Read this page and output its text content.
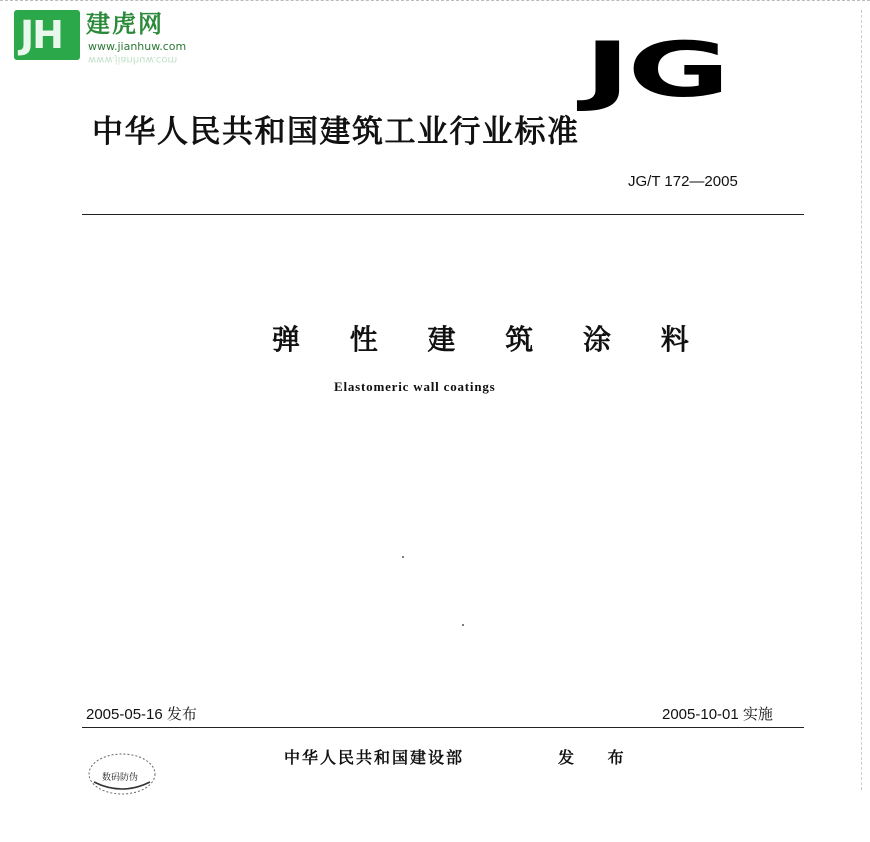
JH 建虎网
www.jianhuw.com
www.jianhuw.com	JG
中华人民共和国建筑工业行业标准
JG/T 172—2005
弹 性 建 筑 涂 料
Elastomeric wall coatings
2005-05-16 发布	2005-10-01 实施
数码防伪
中华人民共和国建设部	发 布
